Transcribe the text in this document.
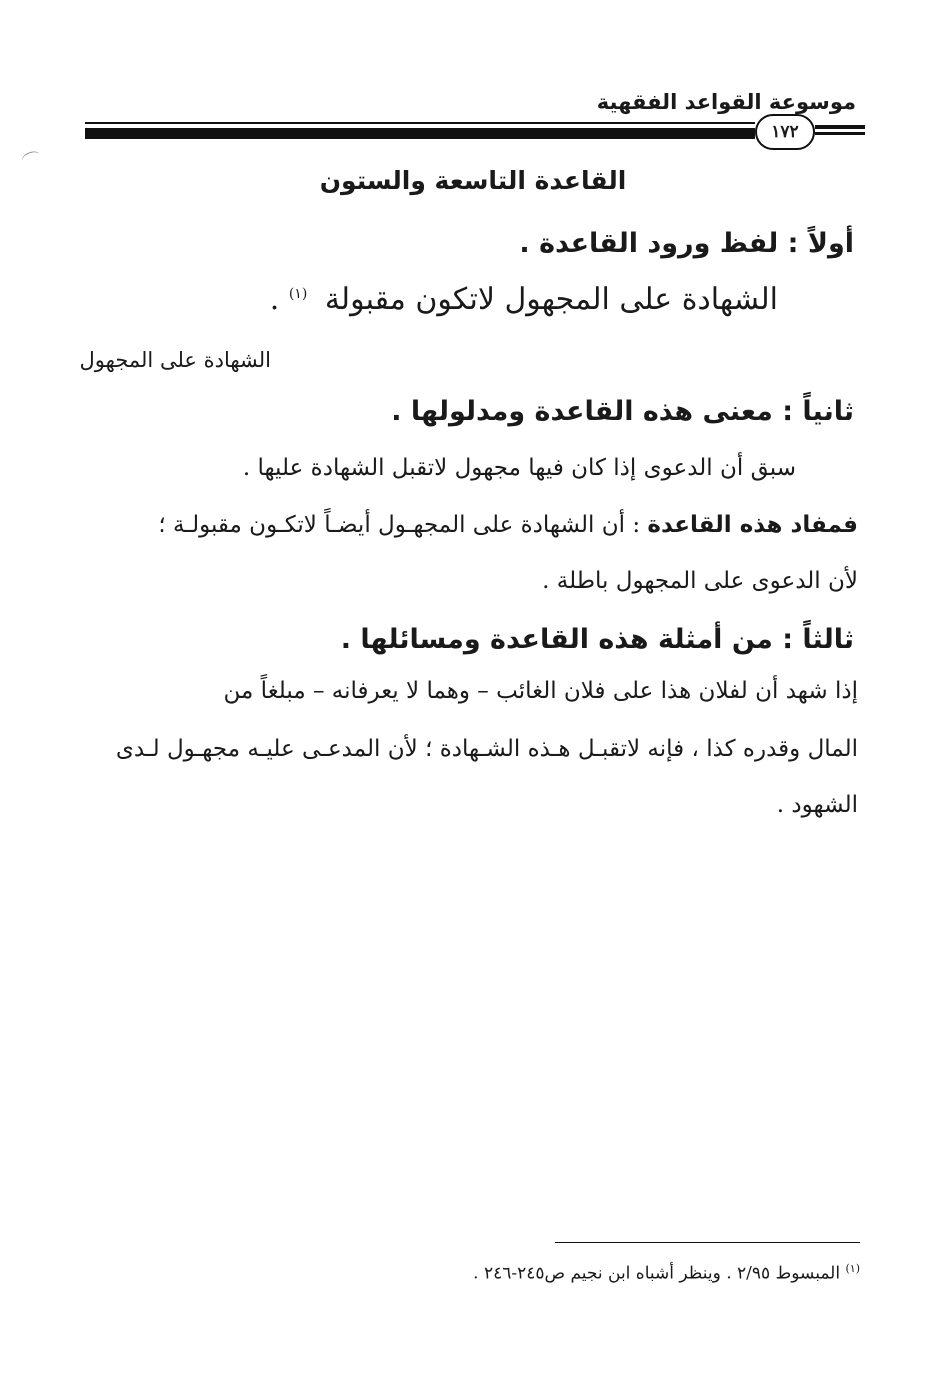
موسوعة القواعد الفقهية
١٧٢
القاعدة التاسعة والستون
أولاً : لفظ ورود القاعدة .
الشهادة على المجهول لاتكون مقبولة $^{(١)}$ .
الشهادة على المجهول
ثانياً : معنى هذه القاعدة ومدلولها .
سبق أن الدعوى إذا كان فيها مجهول لاتقبل الشهادة عليها .
فمفاد هذه القاعدة : أن الشهادة على المجهـول أيضـاً لاتكـون مقبولـة ؛
لأن الدعوى على المجهول باطلة .
ثالثاً : من أمثلة هذه القاعدة ومسائلها .
إذا شهد أن لفلان هذا على فلان الغائب – وهما لا يعرفانه – مبلغاً من
المال وقدره كذا ، فإنه لاتقبـل هـذه الشـهادة ؛ لأن المدعـى عليـه مجهـول لـدى
الشهود .
$^{(١)}$ المبسوط ٢/٩٥ . وينظر أشباه ابن نجيم ص٢٤٥-٢٤٦ .
